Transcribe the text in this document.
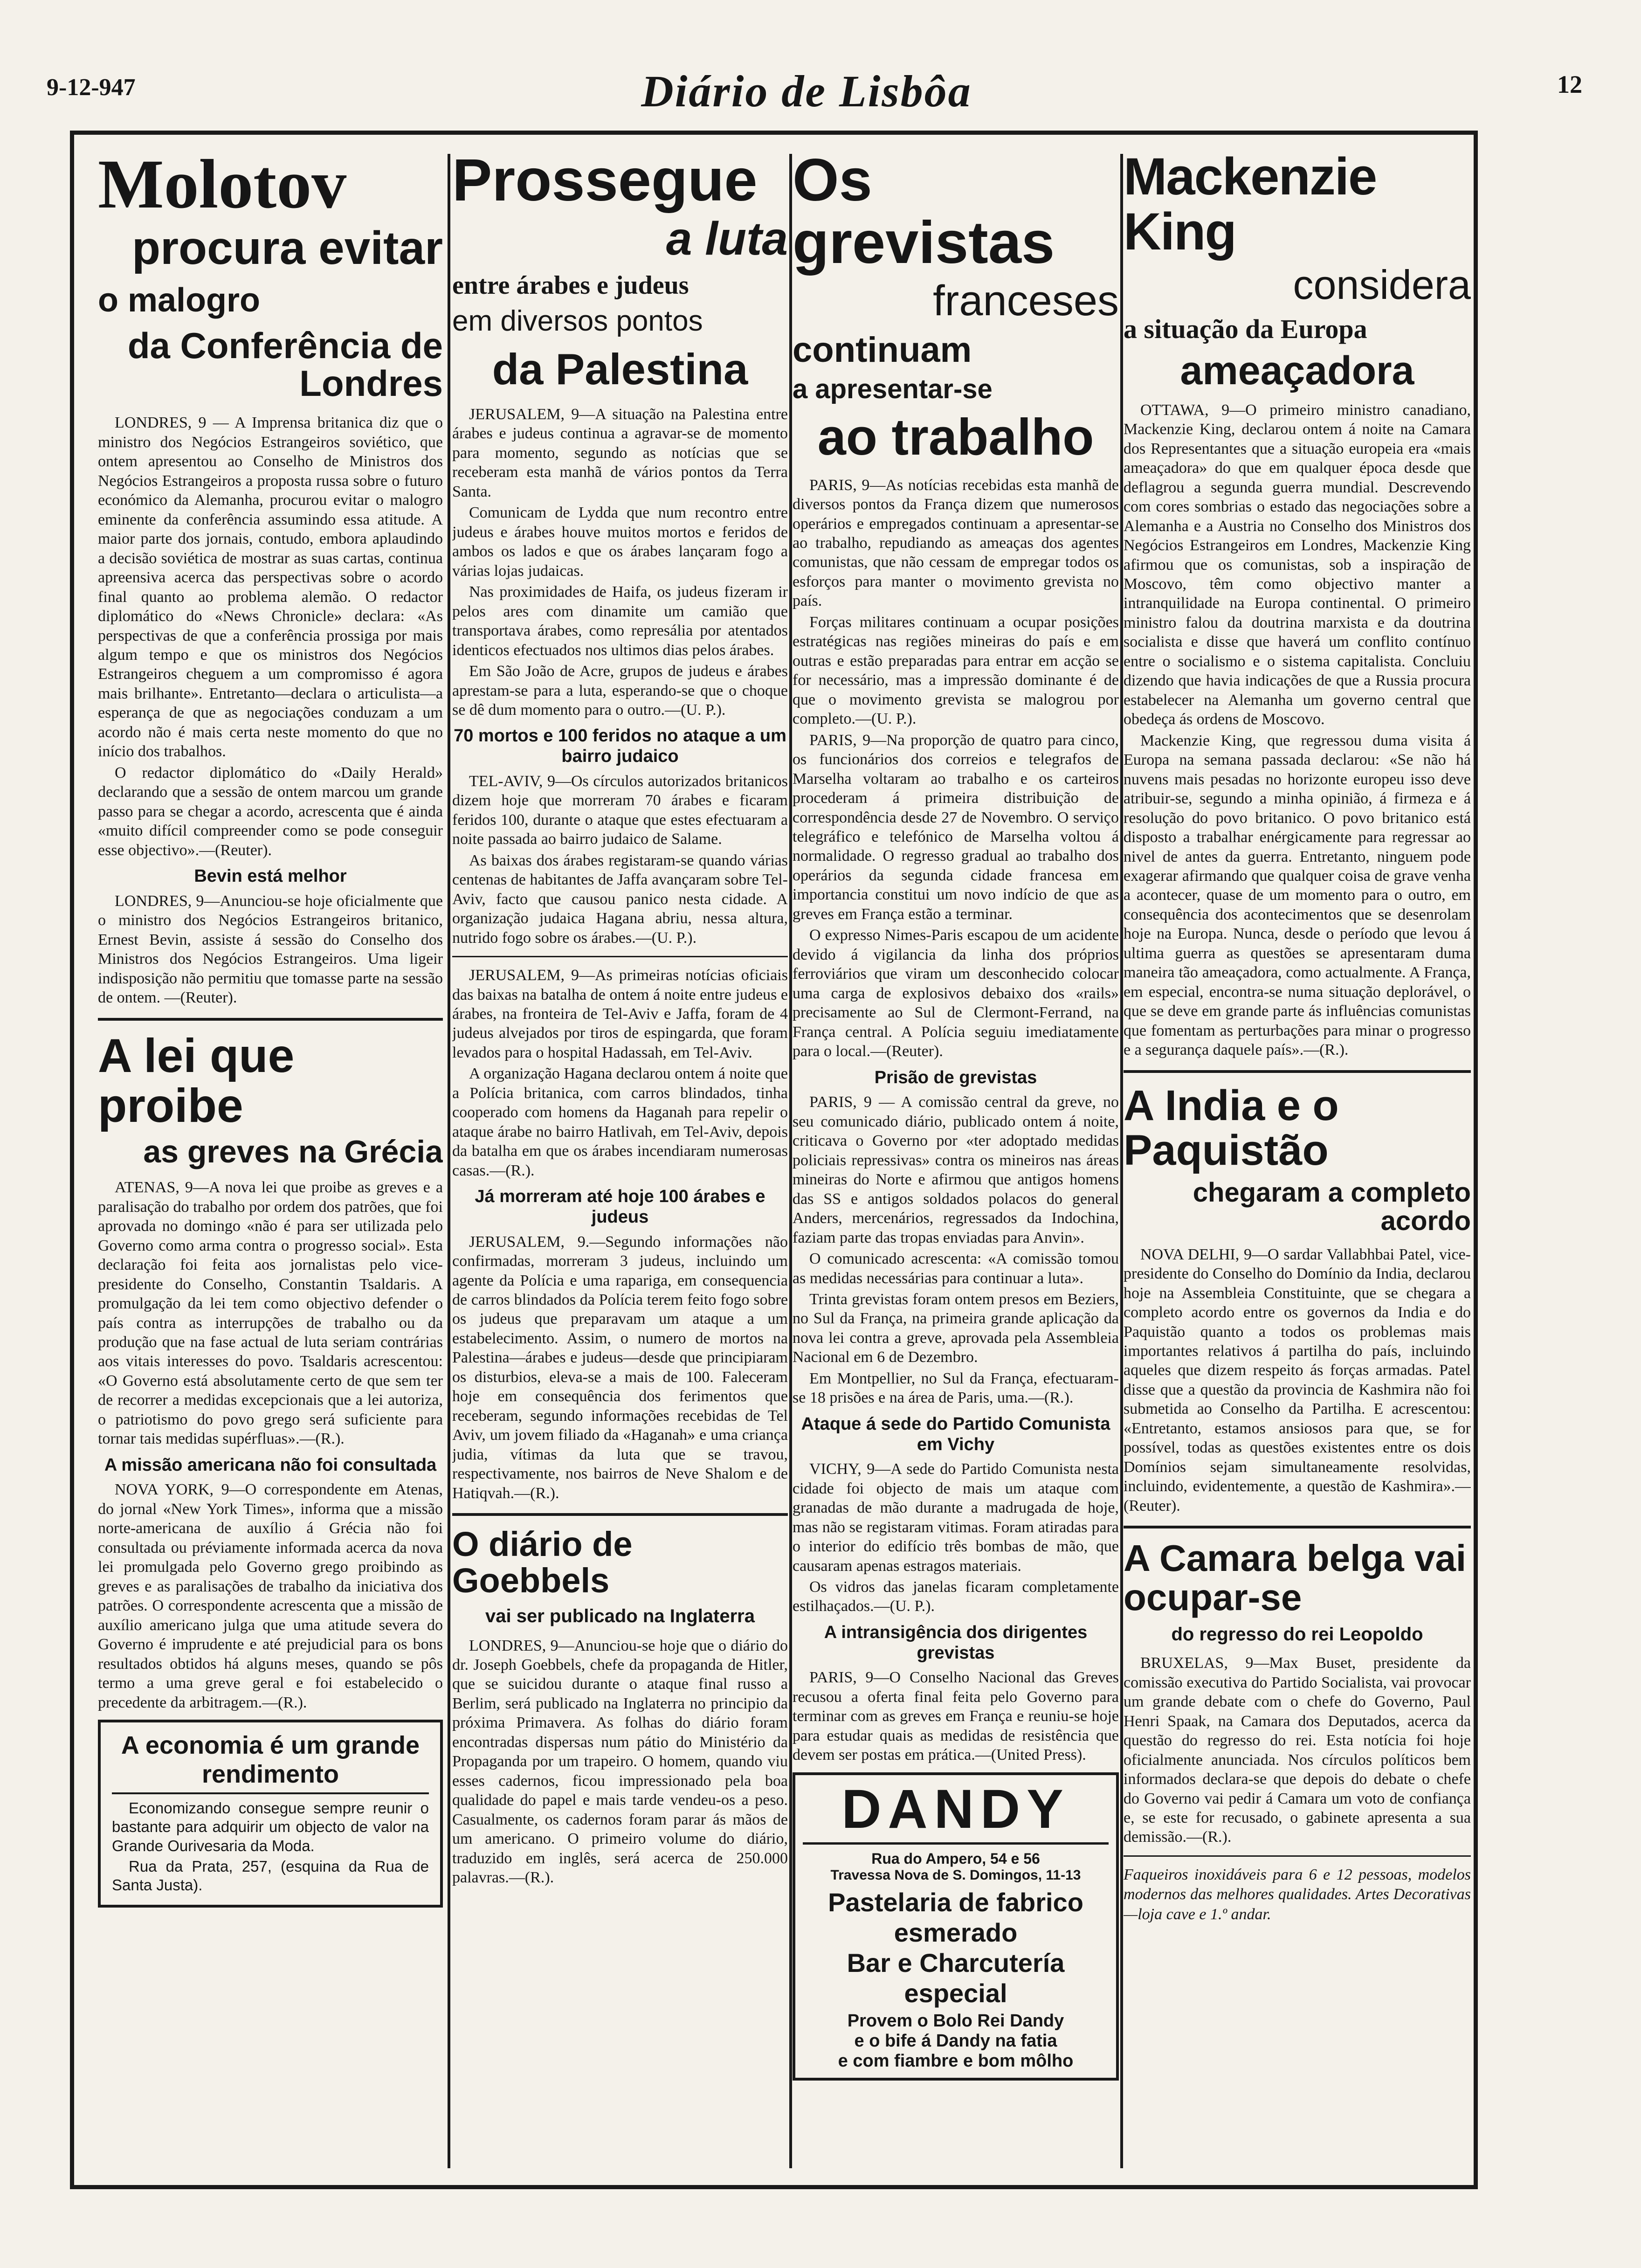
9-12-947	Diário de Lisbôa	12
Molotov
procura evitar
o malogro
da Conferência de Londres

LONDRES, 9 — A Imprensa britanica diz que o ministro dos Negócios Estrangeiros soviético, que ontem apresentou ao Conselho de Ministros dos Negócios Estrangeiros a proposta russa sobre o futuro económico da Alemanha, procurou evitar o malogro eminente da conferência assumindo essa atitude. A maior parte dos jornais, contudo, embora aplaudindo a decisão soviética de mostrar as suas cartas, continua apreensiva acerca das perspectivas sobre o acordo final quanto ao problema alemão. O redactor diplomático do «News Chronicle» declara: «As perspectivas de que a conferência prossiga por mais algum tempo e que os ministros dos Negócios Estrangeiros cheguem a um compromisso é agora mais brilhante». Entretanto—declara o articulista—a esperança de que as negociações conduzam a um acordo não é mais certa neste momento do que no início dos trabalhos.

O redactor diplomático do «Daily Herald» declarando que a sessão de ontem marcou um grande passo para se chegar a acordo, acrescenta que é ainda «muito difícil compreender como se pode conseguir esse objectivo».—(Reuter).

Bevin está melhor

LONDRES, 9—Anunciou-se hoje oficialmente que o ministro dos Negócios Estrangeiros britanico, Ernest Bevin, assiste á sessão do Conselho dos Ministros dos Negócios Estrangeiros. Uma ligeir indisposição não permitiu que tomasse parte na sessão de ontem. —(Reuter).

A lei que proibe
as greves na Grécia

ATENAS, 9—A nova lei que proibe as greves e a paralisação do trabalho por ordem dos patrões, que foi aprovada no domingo «não é para ser utilizada pelo Governo como arma contra o progresso social». Esta declaração foi feita aos jornalistas pelo vice-presidente do Conselho, Constantin Tsaldaris. A promulgação da lei tem como objectivo defender o país contra as interrupções de trabalho ou da produção que na fase actual de luta seriam contrárias aos vitais interesses do povo. Tsaldaris acrescentou: «O Governo está absolutamente certo de que sem ter de recorrer a medidas excepcionais que a lei autoriza, o patriotismo do povo grego será suficiente para tornar tais medidas supérfluas».—(R.).

A missão americana não foi consultada

NOVA YORK, 9—O correspondente em Atenas, do jornal «New York Times», informa que a missão norte-americana de auxílio á Grécia não foi consultada ou préviamente informada acerca da nova lei promulgada pelo Governo grego proibindo as greves e as paralisações de trabalho da iniciativa dos patrões. O correspondente acrescenta que a missão de auxílio americano julga que uma atitude severa do Governo é imprudente e até prejudicial para os bons resultados obtidos há alguns meses, quando se pôs termo a uma greve geral e foi estabelecido o precedente da arbitragem.—(R.).

A economia é um grande rendimento

Economizando consegue sempre reunir o bastante para adquirir um objecto de valor na Grande Ourivesaria da Moda.

Rua da Prata, 257, (esquina da Rua de Santa Justa).

Prossegue
a luta
entre árabes e judeus
em diversos pontos
da Palestina

JERUSALEM, 9—A situação na Palestina entre árabes e judeus continua a agravar-se de momento para momento, segundo as notícias que se receberam esta manhã de vários pontos da Terra Santa.

Comunicam de Lydda que num recontro entre judeus e árabes houve muitos mortos e feridos de ambos os lados e que os árabes lançaram fogo a várias lojas judaicas.

Nas proximidades de Haifa, os judeus fizeram ir pelos ares com dinamite um camião que transportava árabes, como represália por atentados identicos efectuados nos ultimos dias pelos árabes.

Em São João de Acre, grupos de judeus e árabes aprestam-se para a luta, esperando-se que o choque se dê dum momento para o outro.—(U. P.).

70 mortos e 100 feridos no ataque a um bairro judaico

TEL-AVIV, 9—Os círculos autorizados britanicos dizem hoje que morreram 70 árabes e ficaram feridos 100, durante o ataque que estes efectuaram a noite passada ao bairro judaico de Salame.

As baixas dos árabes registaram-se quando várias centenas de habitantes de Jaffa avançaram sobre Tel-Aviv, facto que causou panico nesta cidade. A organização judaica Hagana abriu, nessa altura, nutrido fogo sobre os árabes.—(U. P.).

JERUSALEM, 9—As primeiras notícias oficiais das baixas na batalha de ontem á noite entre judeus e árabes, na fronteira de Tel-Aviv e Jaffa, foram de 4 judeus alvejados por tiros de espingarda, que foram levados para o hospital Hadassah, em Tel-Aviv.

A organização Hagana declarou ontem á noite que a Polícia britanica, com carros blindados, tinha cooperado com homens da Haganah para repelir o ataque árabe no bairro Hatlivah, em Tel-Aviv, depois da batalha em que os árabes incendiaram numerosas casas.—(R.).

Já morreram até hoje 100 árabes e judeus

JERUSALEM, 9.—Segundo informações não confirmadas, morreram 3 judeus, incluindo um agente da Polícia e uma rapariga, em consequencia de carros blindados da Polícia terem feito fogo sobre os judeus que preparavam um ataque a um estabelecimento. Assim, o numero de mortos na Palestina—árabes e judeus—desde que principiaram os disturbios, eleva-se a mais de 100. Faleceram hoje em consequência dos ferimentos que receberam, segundo informações recebidas de Tel Aviv, um jovem filiado da «Haganah» e uma criança judia, vítimas da luta que se travou, respectivamente, nos bairros de Neve Shalom e de Hatiqvah.—(R.).

O diário de Goebbels
vai ser publicado na Inglaterra

LONDRES, 9—Anunciou-se hoje que o diário do dr. Joseph Goebbels, chefe da propaganda de Hitler, que se suicidou durante o ataque final russo a Berlim, será publicado na Inglaterra no principio da próxima Primavera. As folhas do diário foram encontradas dispersas num pátio do Ministério da Propaganda por um trapeiro. O homem, quando viu esses cadernos, ficou impressionado pela boa qualidade do papel e mais tarde vendeu-os a peso. Casualmente, os cadernos foram parar ás mãos de um americano. O primeiro volume do diário, traduzido em inglês, será acerca de 250.000 palavras.—(R.).

Os grevistas
franceses
continuam
a apresentar-se
ao trabalho

PARIS, 9—As notícias recebidas esta manhã de diversos pontos da França dizem que numerosos operários e empregados continuam a apresentar-se ao trabalho, repudiando as ameaças dos agentes comunistas, que não cessam de empregar todos os esforços para manter o movimento grevista no país.

Forças militares continuam a ocupar posições estratégicas nas regiões mineiras do país e em outras e estão preparadas para entrar em acção se for necessário, mas a impressão dominante é de que o movimento grevista se malogrou por completo.—(U. P.).

PARIS, 9—Na proporção de quatro para cinco, os funcionários dos correios e telegrafos de Marselha voltaram ao trabalho e os carteiros procederam á primeira distribuição de correspondência desde 27 de Novembro. O serviço telegráfico e telefónico de Marselha voltou á normalidade. O regresso gradual ao trabalho dos operários da segunda cidade francesa em importancia constitui um novo indício de que as greves em França estão a terminar.

O expresso Nimes-Paris escapou de um acidente devido á vigilancia da linha dos próprios ferroviários que viram um desconhecido colocar uma carga de explosivos debaixo dos «rails» precisamente ao Sul de Clermont-Ferrand, na França central. A Polícia seguiu imediatamente para o local.—(Reuter).

Prisão de grevistas

PARIS, 9 — A comissão central da greve, no seu comunicado diário, publicado ontem á noite, criticava o Governo por «ter adoptado medidas policiais repressivas» contra os mineiros nas áreas mineiras do Norte e afirmou que antigos homens das SS e antigos soldados polacos do general Anders, mercenários, regressados da Indochina, faziam parte das tropas enviadas para Anvin».

O comunicado acrescenta: «A comissão tomou as medidas necessárias para continuar a luta».

Trinta grevistas foram ontem presos em Beziers, no Sul da França, na primeira grande aplicação da nova lei contra a greve, aprovada pela Assembleia Nacional em 6 de Dezembro.

Em Montpellier, no Sul da França, efectuaram-se 18 prisões e na área de Paris, uma.—(R.).

Ataque á sede do Partido Comunista em Vichy

VICHY, 9—A sede do Partido Comunista nesta cidade foi objecto de mais um ataque com granadas de mão durante a madrugada de hoje, mas não se registaram vitimas. Foram atiradas para o interior do edifício três bombas de mão, que causaram apenas estragos materiais.

Os vidros das janelas ficaram completamente estilhaçados.—(U. P.).

A intransigência dos dirigentes grevistas

PARIS, 9—O Conselho Nacional das Greves recusou a oferta final feita pelo Governo para terminar com as greves em França e reuniu-se hoje para estudar quais as medidas de resistência que devem ser postas em prática.—(United Press).

DANDY
Rua do Ampero, 54 e 56
Travessa Nova de S. Domingos, 11-13
Pastelaria de fabrico esmerado
Bar e Charcutería especial
Provem o Bolo Rei Dandy
e o bife á Dandy na fatia
e com fiambre e bom môlho
Mackenzie King
considera
a situação da Europa
ameaçadora

OTTAWA, 9—O primeiro ministro canadiano, Mackenzie King, declarou ontem á noite na Camara dos Representantes que a situação europeia era «mais ameaçadora» do que em qualquer época desde que deflagrou a segunda guerra mundial. Descrevendo com cores sombrias o estado das negociações sobre a Alemanha e a Austria no Conselho dos Ministros dos Negócios Estrangeiros em Londres, Mackenzie King afirmou que os comunistas, sob a inspiração de Moscovo, têm como objectivo manter a intranquilidade na Europa continental. O primeiro ministro falou da doutrina marxista e da doutrina socialista e disse que haverá um conflito contínuo entre o socialismo e o sistema capitalista. Concluiu dizendo que havia indicações de que a Russia procura estabelecer na Alemanha um governo central que obedeça ás ordens de Moscovo.

Mackenzie King, que regressou duma visita á Europa na semana passada declarou: «Se não há nuvens mais pesadas no horizonte europeu isso deve atribuir-se, segundo a minha opinião, á firmeza e á resolução do povo britanico. O povo britanico está disposto a trabalhar enérgicamente para regressar ao nivel de antes da guerra. Entretanto, ninguem pode exagerar afirmando que qualquer coisa de grave venha a acontecer, quase de um momento para o outro, em consequência dos acontecimentos que se desenrolam hoje na Europa. Nunca, desde o período que levou á ultima guerra as questões se apresentaram duma maneira tão ameaçadora, como actualmente. A França, em especial, encontra-se numa situação deplorável, o que se deve em grande parte ás influências comunistas que fomentam as perturbações para minar o progresso e a segurança daquele país».—(R.).

A India e o Paquistão
chegaram a completo acordo

NOVA DELHI, 9—O sardar Vallabhbai Patel, vice-presidente do Conselho do Domínio da India, declarou hoje na Assembleia Constituinte, que se chegara a completo acordo entre os governos da India e do Paquistão quanto a todos os problemas mais importantes relativos á partilha do país, incluindo aqueles que dizem respeito ás forças armadas. Patel disse que a questão da provincia de Kashmira não foi submetida ao Conselho da Partilha. E acrescentou: «Entretanto, estamos ansiosos para que, se for possível, todas as questões existentes entre os dois Domínios sejam simultaneamente resolvidas, incluindo, evidentemente, a questão de Kashmira».—(Reuter).

A Camara belga vai ocupar-se
do regresso do rei Leopoldo

BRUXELAS, 9—Max Buset, presidente da comissão executiva do Partido Socialista, vai provocar um grande debate com o chefe do Governo, Paul Henri Spaak, na Camara dos Deputados, acerca da questão do regresso do rei. Esta notícia foi hoje oficialmente anunciada. Nos círculos políticos bem informados declara-se que depois do debate o chefe do Governo vai pedir á Camara um voto de confiança e, se este for recusado, o gabinete apresenta a sua demissão.—(R.).

Faqueiros inoxidáveis para 6 e 12 pessoas, modelos modernos das melhores qualidades. Artes Decorativas—loja cave e 1.º andar.
